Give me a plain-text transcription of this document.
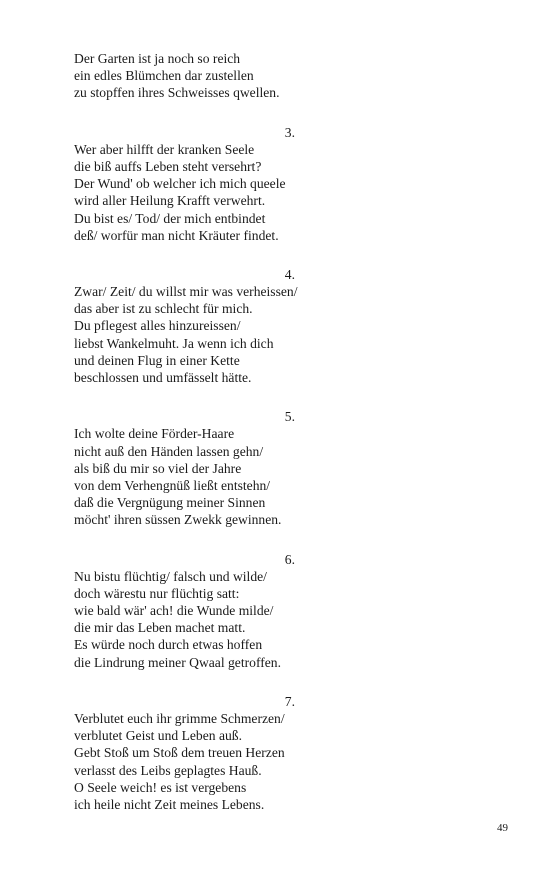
Der Garten ist ja noch so reich
ein edles Blümchen dar zustellen
zu stopffen ihres Schweisses qwellen.
3.
Wer aber hilfft der kranken Seele
die biß auffs Leben steht versehrt?
Der Wund' ob welcher ich mich queele
wird aller Heilung Krafft verwehrt.
Du bist es/ Tod/ der mich entbindet
deß/ worfür man nicht Kräuter findet.
4.
Zwar/ Zeit/ du willst mir was verheissen/
das aber ist zu schlecht für mich.
Du pflegest alles hinzureissen/
liebst Wankelmuht. Ja wenn ich dich
und deinen Flug in einer Kette
beschlossen und umfässelt hätte.
5.
Ich wolte deine Förder-Haare
nicht auß den Händen lassen gehn/
als biß du mir so viel der Jahre
von dem Verhengnüß ließt entstehn/
daß die Vergnügung meiner Sinnen
möcht' ihren süssen Zwekk gewinnen.
6.
Nu bistu flüchtig/ falsch und wilde/
doch wärestu nur flüchtig satt:
wie bald wär' ach! die Wunde milde/
die mir das Leben machet matt.
Es würde noch durch etwas hoffen
die Lindrung meiner Qwaal getroffen.
7.
Verblutet euch ihr grimme Schmerzen/
verblutet Geist und Leben auß.
Gebt Stoß um Stoß dem treuen Herzen
verlasst des Leibs geplagtes Hauß.
O Seele weich! es ist vergebens
ich heile nicht Zeit meines Lebens.
49
